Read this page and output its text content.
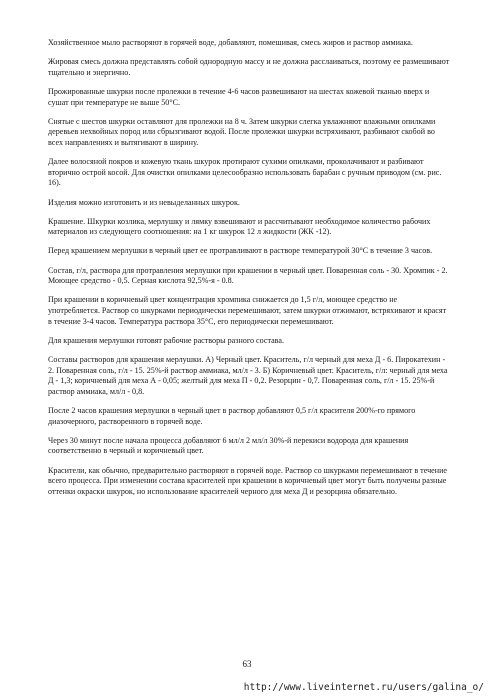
Хозяйственное мыло растворяют в горячей воде, добавляют, помешивая, смесь жиров и раствор аммиака.

Жировая смесь должна представлять собой однородную массу и не должна расслаиваться, поэтому ее размешивают тщательно и энергично.

Прожированные шкурки после пролежки в течение 4-6 часов развешивают на шестах кожевой тканью вверх и сушат при температуре не выше 50°С.

Снятые с шестов шкурки оставляют для пролежки на 8 ч. Затем шкурки слегка увлажняют влажными опилками деревьев нехвойных пород или сбрызгивают водой. После пролежки шкурки встряхивают, разбивают скобой во всех направлениях и вытягивают в ширину.

Далее волосяной покров и кожевую ткань шкурок протирают сухими опилками, проколачивают и разбивают вторично острой косой. Для очистки опилками целесообразно использовать барабан с ручным приводом (см. рис. 16).

Изделия можно изготовить и из невыделанных шкурок.

Крашение. Шкурки козлика, мерлушку и лямку взвешивают и рассчитывают необходимое количество рабочих материалов из следующего соотношения: на 1 кг шкурок 12 л жидкости (ЖК -12).

Перед крашением мерлушки в черный цвет ее протравливают в растворе температурой 30°С в течение 3 часов.

Состав, г/л, раствора для протравления мерлушки при крашении в черный цвет. Поваренная соль - 30. Хромпик - 2. Моющее средство - 0,5. Серная кислота 92,5%-я - 0.8.

При крашении в коричневый цвет концентрация хромпика снижается до 1,5 г/л, моющее средство не употребляется. Раствор со шкурками периодически перемешивают, затем шкурки отжимают, встряхивают и красят в течение 3-4 часов. Температура раствора 35°С, его периодически перемешивают.

Для крашения мерлушки готовят рабочие растворы разного состава.

Составы растворов для крашения мерлушки. А) Черный цвет. Краситель, г/л черный для меха Д - 6. Пирокатехин - 2. Поваренная соль, г/л - 15. 25%-й раствор аммиака, мл/л - 3. Б) Коричневый цвет. Краситель, г/л: черный для меха Д - 1,3; коричневый для меха А - 0,05; желтый для меха П - 0,2. Резорцин - 0,7. Поваренная соль, г/л - 15. 25%-й раствор аммиака, мл/л - 0,8.

После 2 часов крашения мерлушки в черный цвет в раствор добавляют 0,5 г/л красителя 200%-го прямого диазочерного, растворенного в горячей воде.

Через 30 минут после начала процесса добавляют 6 мл/л 2 мл/л 30%-й перекиси водорода для крашения соответственно в черный и коричневый цвет.

Красители, как обычно, предварительно растворяют в горячей воде. Раствор со шкурками перемешивают в течение всего процесса. При изменении состава красителей при крашении в коричневый цвет могут быть получены разные оттенки окраски шкурок, но использование красителей черного для меха Д и резорцина обязательно.

63
http://www.liveinternet.ru/users/galina_o/
